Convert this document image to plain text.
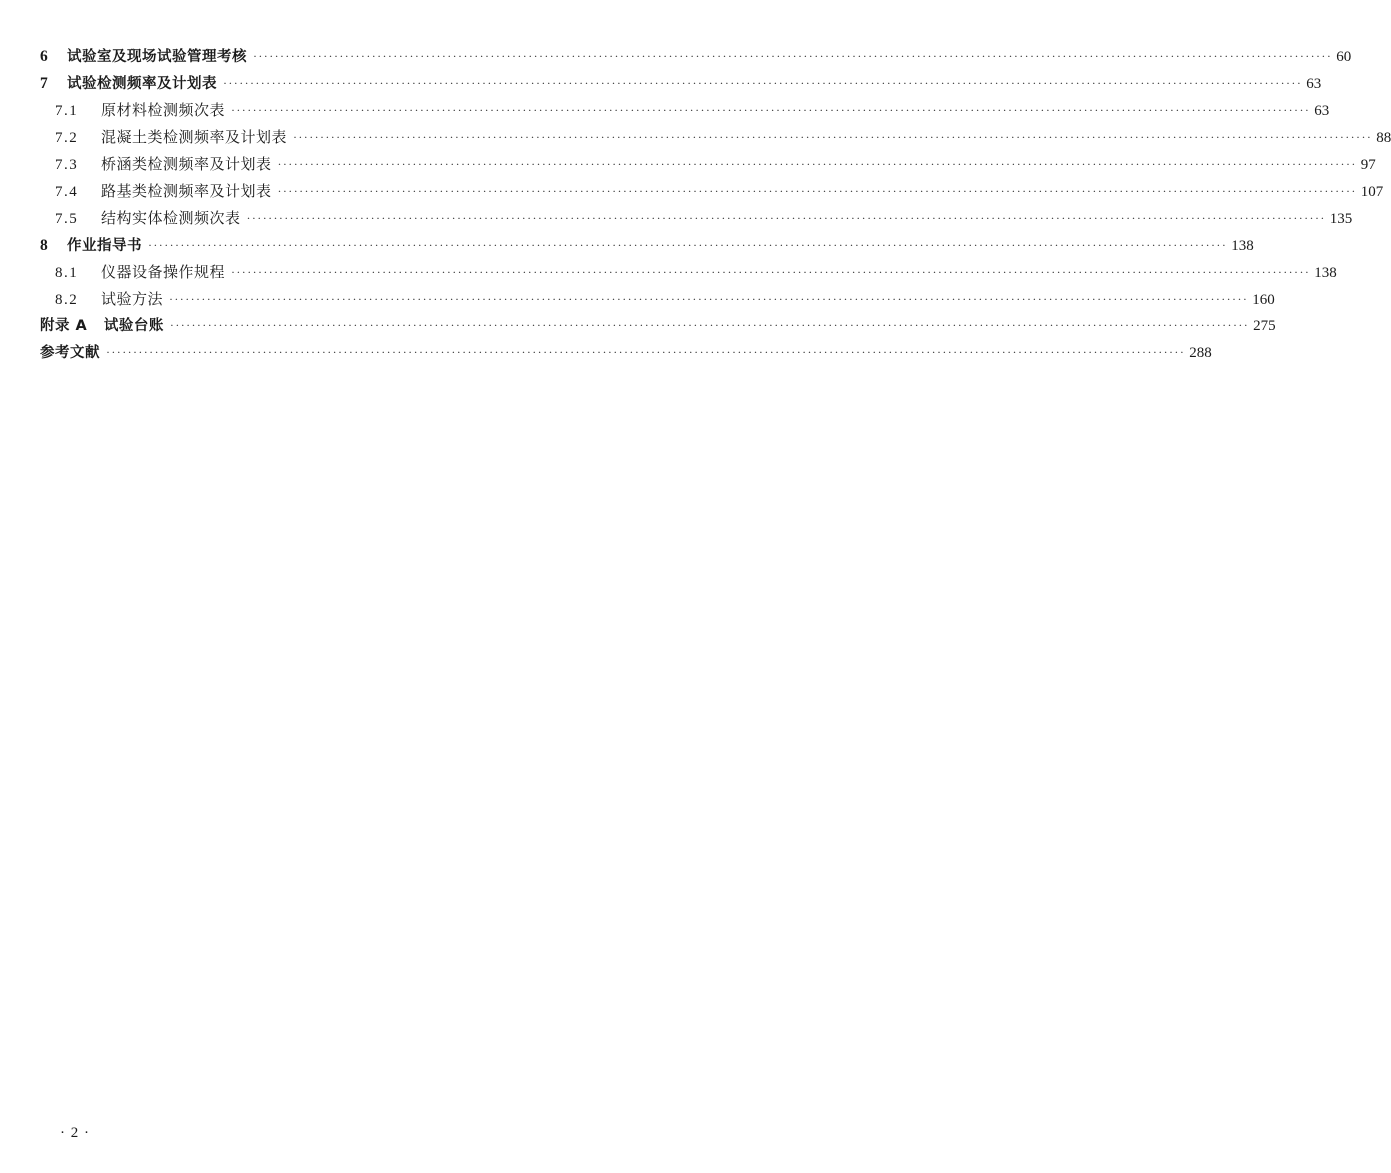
6	试验室及现场试验管理考核 ········································································································································································································ 60
7	试验检测频率及计划表 ········································································································································································································ 63
7.1	原材料检测频次表 ········································································································································································································ 63
7.2	混凝土类检测频率及计划表 ········································································································································································································ 88
7.3	桥涵类检测频率及计划表 ········································································································································································································ 97
7.4	路基类检测频率及计划表 ········································································································································································································ 107
7.5	结构实体检测频次表 ········································································································································································································ 135
8	作业指导书 ········································································································································································································ 138
8.1	仪器设备操作规程 ········································································································································································································ 138
8.2	试验方法 ········································································································································································································ 160
附录 A   试验台账 ········································································································································································································ 275
参考文献 ········································································································································································································ 288
· 2 ·
